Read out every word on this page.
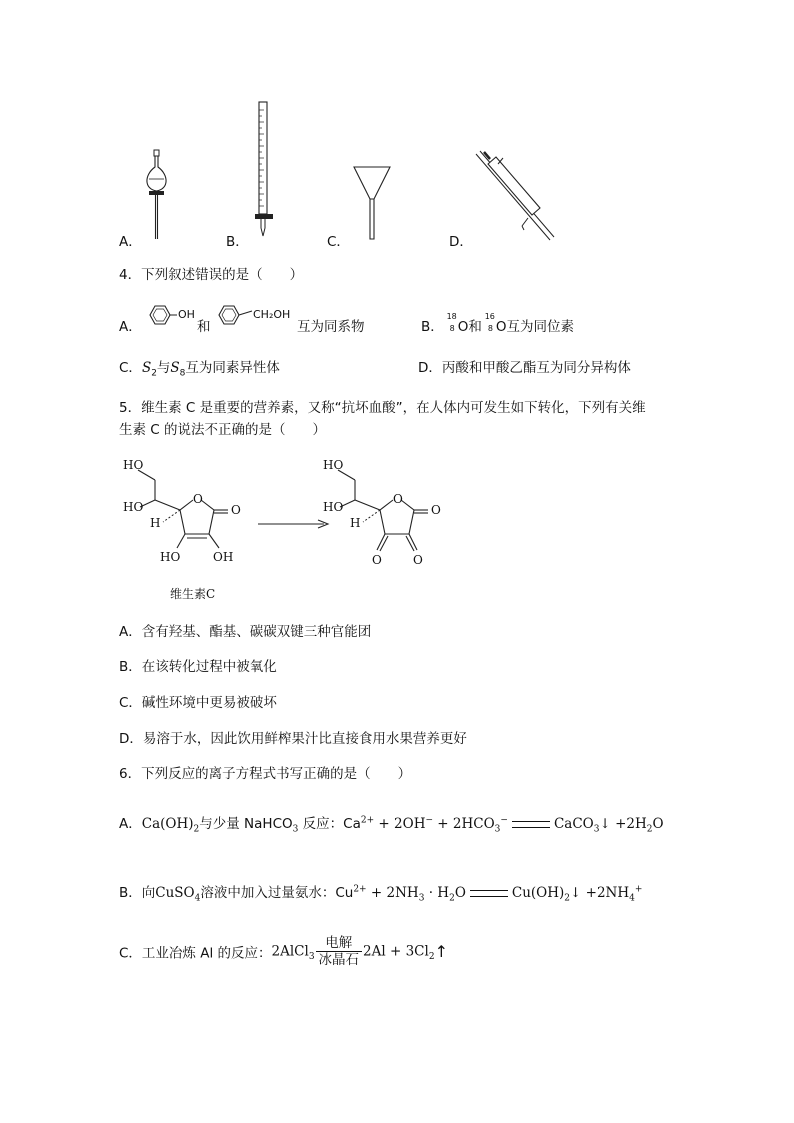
A．	B．	C．	D．
4．下列叙述错误的是（　　）
A．
OH
和
CH₂OH
互为同系物	B．
18
8 O和
16
8 O互为同位素
C．$S_2$与$S_8$互为同素异性体	D．丙酸和甲酸乙酯互为同分异构体
5．维生素 C 是重要的营养素，又称“抗坏血酸”，在人体内可发生如下转化，下列有关维
生素 C 的说法不正确的是（　　）
HO
HO
H
O
O
HO	OH
维生素C
HO
HO
H
O
O
O	O
A．含有羟基、酯基、碳碳双键三种官能团
B．在该转化过程中被氧化
C．碱性环境中更易被破坏
D．易溶于水，因此饮用鲜榨果汁比直接食用水果营养更好
6．下列反应的离子方程式书写正确的是（　　）
A．$Ca(OH)_2$与少量 NaHCO$_3$ 反应：$Ca^{2+} + 2OH^- + 2HCO_3^-$	CaCO$_3$↓ $+2H_2O$
B．向CuSO$_4$溶液中加入过量氨水：$Cu^{2+} + 2NH_3 \cdot H_2O$	$Cu(OH)_2↓ +2NH_4^+$
C．工业冶炼 Al 的反应：2AlCl$_3$ $\frac{\text{电解}}{\text{冰晶石}} 2Al$ + $3Cl_2↑$
